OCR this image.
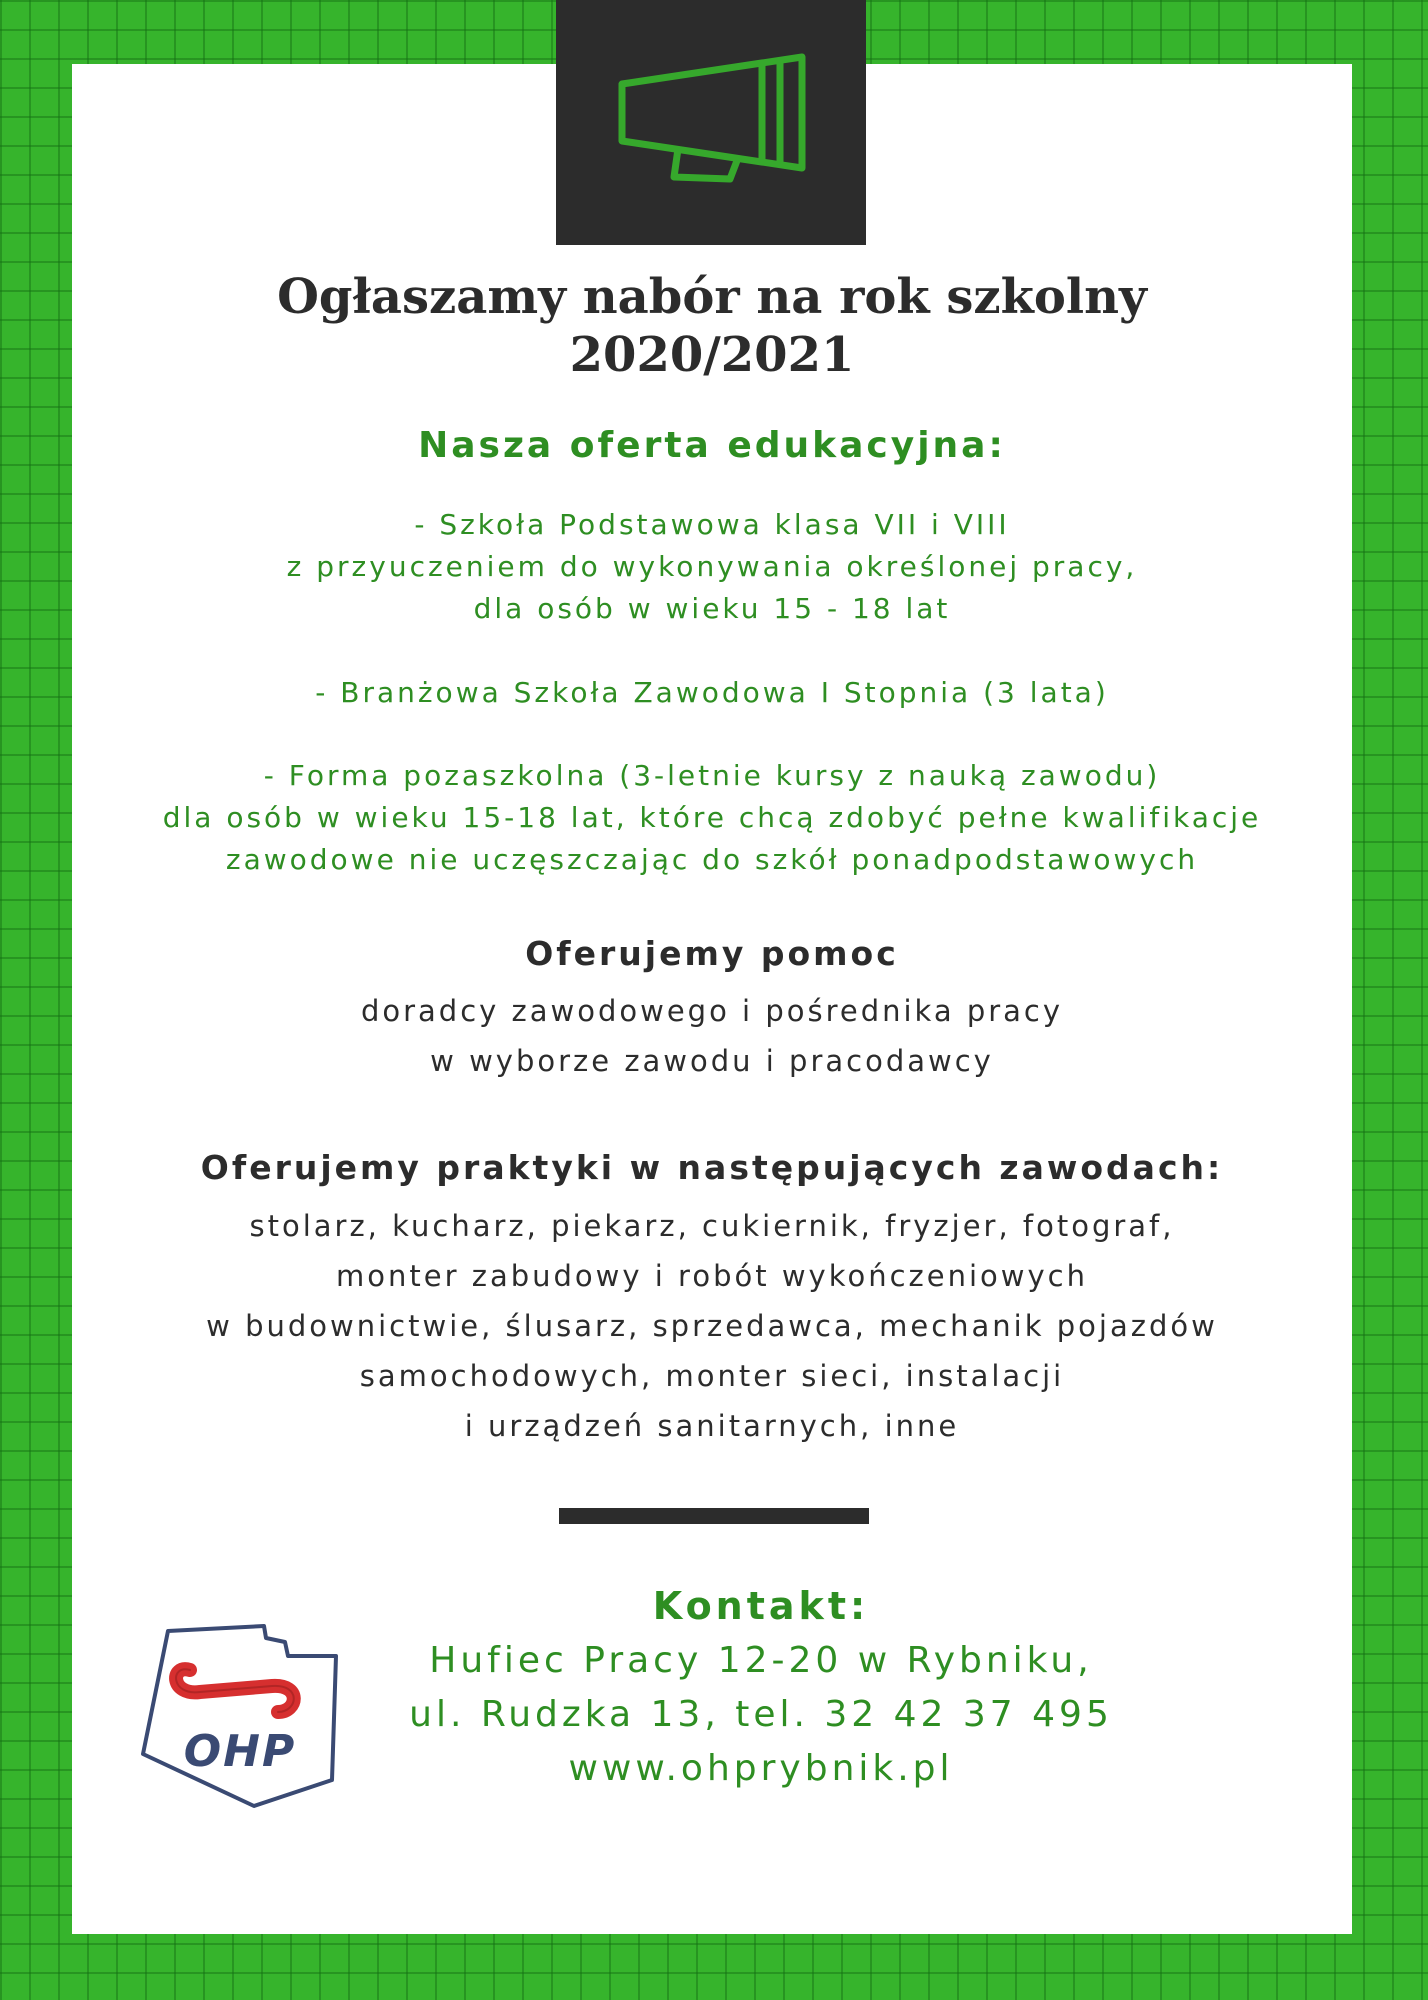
Ogłaszamy nabór na rok szkolny
2020/2021
Nasza oferta edukacyjna:
- Szkoła Podstawowa klasa VII i VIII
z przyuczeniem do wykonywania określonej pracy,
dla osób w wieku 15 - 18 lat
- Branżowa Szkoła Zawodowa I Stopnia (3 lata)
- Forma pozaszkolna (3-letnie kursy z nauką zawodu)
dla osób w wieku 15-18 lat, które chcą zdobyć pełne kwalifikacje
zawodowe nie uczęszczając do szkół ponadpodstawowych
Oferujemy pomoc
doradcy zawodowego i pośrednika pracy
w wyborze zawodu i pracodawcy
Oferujemy praktyki w następujących zawodach:
stolarz, kucharz, piekarz, cukiernik, fryzjer, fotograf,
monter zabudowy i robót wykończeniowych
w budownictwie, ślusarz, sprzedawca, mechanik pojazdów
samochodowych, monter sieci, instalacji
i urządzeń sanitarnych, inne
Kontakt:
Hufiec Pracy 12-20 w Rybniku,
ul. Rudzka 13, tel. 32 42 37 495
www.ohprybnik.pl
OHP
